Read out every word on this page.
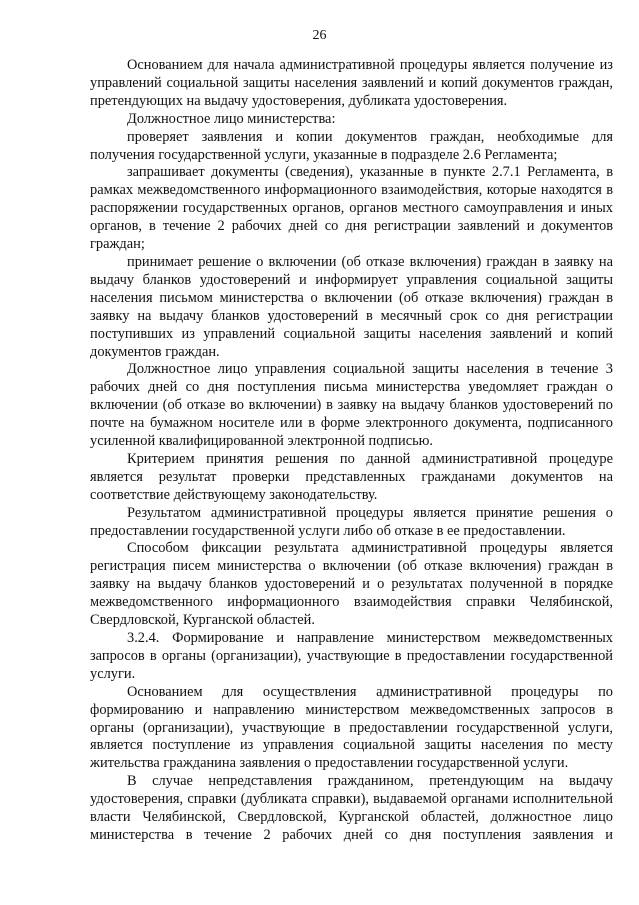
26

Основанием для начала административной процедуры является получение из управлений социальной защиты населения заявлений и копий документов граждан, претендующих на выдачу удостоверения, дубликата удостоверения.

Должностное лицо министерства:

проверяет заявления и копии документов граждан, необходимые для получения государственной услуги, указанные в подразделе 2.6 Регламента;

запрашивает документы (сведения), указанные в пункте 2.7.1 Регламента, в рамках межведомственного информационного взаимодействия, которые находятся в распоряжении государственных органов, органов местного самоуправления и иных органов, в течение 2 рабочих дней со дня регистрации заявлений и документов граждан;

принимает решение о включении (об отказе включения) граждан в заявку на выдачу бланков удостоверений и информирует управления социальной защиты населения письмом министерства о включении (об отказе включения) граждан в заявку на выдачу бланков удостоверений в месячный срок со дня регистрации поступивших из управлений социальной защиты населения заявлений и копий документов граждан.

Должностное лицо управления социальной защиты населения в течение 3 рабочих дней со дня поступления письма министерства уведомляет граждан о включении (об отказе во включении) в заявку на выдачу бланков удостоверений по почте на бумажном носителе или в форме электронного документа, подписанного усиленной квалифицированной электронной подписью.

Критерием принятия решения по данной административной процедуре является результат проверки представленных гражданами документов на соответствие действующему законодательству.

Результатом административной процедуры является принятие решения о предоставлении государственной услуги либо об отказе в ее предоставлении.

Способом фиксации результата административной процедуры является регистрация писем министерства о включении (об отказе включения) граждан в заявку на выдачу бланков удостоверений и о результатах полученной в порядке межведомственного информационного взаимодействия справки Челябинской, Свердловской, Курганской областей.

3.2.4. Формирование и направление министерством межведомственных запросов в органы (организации), участвующие в предоставлении государственной услуги.

Основанием для осуществления административной процедуры по формированию и направлению министерством межведомственных запросов в органы (организации), участвующие в предоставлении государственной услуги, является поступление из управления социальной защиты населения по месту жительства гражданина заявления о предоставлении государственной услуги.

В случае непредставления гражданином, претендующим на выдачу удостоверения, справки (дубликата справки), выдаваемой органами исполнительной власти Челябинской, Свердловской, Курганской областей, должностное лицо министерства в течение 2 рабочих дней со дня поступления заявления и
